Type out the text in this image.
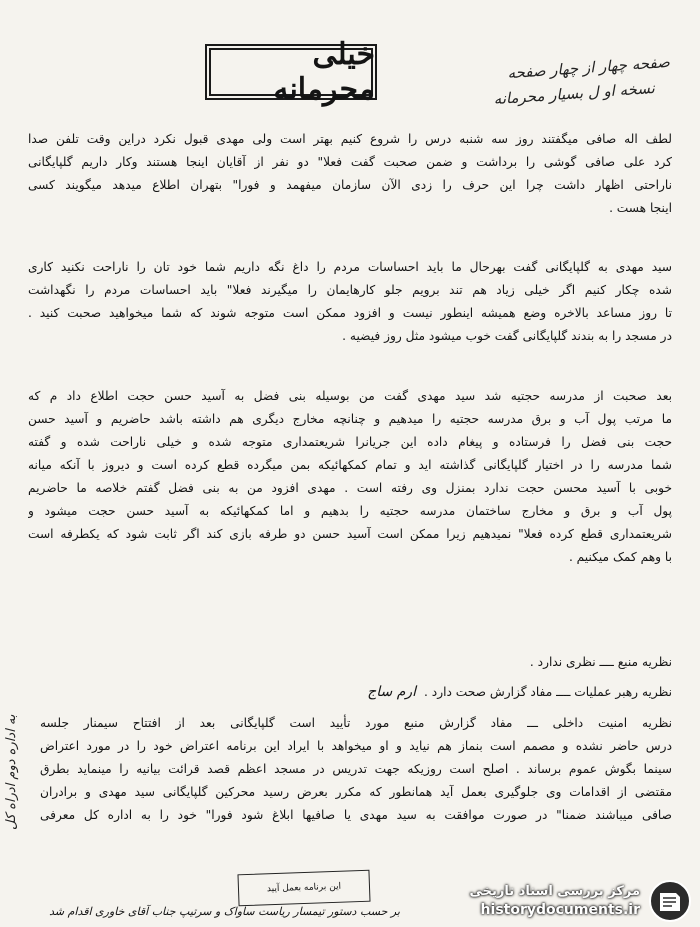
خیلی محرمانه
صفحه چهار از چهار صفحه
نسخه او ل بسیار محرمانه
لطف اله صافی میگفتند روز سه شنبه درس را شروع کنیم بهتر است ولی مهدی قبول نکرد دراین وقت تلفن صدا
کرد علی صافی گوشی را برداشت و ضمن صحبت گفت فعلا" دو نفر از آقایان اینجا هستند وکار داریم گلپایگانی
ناراحتی اظهار داشت چرا این حرف را زدی الآن سازمان میفهمد و فورا" بتهران اطلاع میدهد میگویند کسی
اینجا هست .
سید مهدی به گلپایگانی گفت بهرحال ما باید احساسات مردم را داغ نگه داریم شما خود تان را ناراحت نکنید کاری
شده چکار کنیم اگر خیلی زیاد هم تند برویم جلو کارهایمان را میگیرند فعلا" باید احساسات مردم را نگهداشت
تا روز مساعد بالاخره وضع همیشه اینطور نیست و افزود ممکن است متوجه شوند که شما میخواهید صحبت کنید .
در مسجد را به بندند گلپایگانی گفت خوب میشود مثل روز فیضیه .
بعد صحبت از مدرسه حجتیه شد سید مهدی گفت من بوسیله بنی فضل به آسید حسن حجت اطلاع داد م که
ما مرتب پول آب و برق مدرسه حجتیه را میدهیم و چنانچه مخارج دیگری هم داشته باشد حاضریم و آسید حسن
حجت بنی فضل را فرستاده و پیغام داده این جریانرا شریعتمداری متوجه شده و خیلی ناراحت شده و گفته
شما مدرسه را در اختیار گلپایگانی گذاشته اید و تمام کمکهائیکه بمن میگرده قطع کرده است و دیروز با آنکه میانه
خوبی با آسید محسن حجت ندارد بمنزل وی رفته است . مهدی افزود من به بنی فضل گفتم خلاصه ما حاضریم
پول آب و برق و مخارج ساختمان مدرسه حجتیه را بدهیم و اما کمکهائیکه به آسید حسن حجت میشود و
شریعتمداری قطع کرده فعلا" نمیدهیم زیرا ممکن است آسید حسن دو طرفه بازی کند اگر ثابت شود که یکطرفه است
با وهم کمک میکنیم .
نظریه منبع ــــ نظری ندارد .
نظریه رهبر عملیات ــــ مفاد گزارش صحت دارد .
ارم ساج
نظریه امنیت داخلی ـــ مفاد گزارش منبع مورد تأیید است گلپایگانی بعد از افتتاح سیمنار جلسه
درس حاضر نشده و مصمم است بنماز هم نیاید و او میخواهد با ایراد این برنامه اعتراض خود را در مورد اعتراض
سینما بگوش عموم برساند . اصلح است روزیکه جهت تدریس در مسجد اعظم قصد قرائت بیانیه را مینماید بطرق
مقتضی از اقدامات وی جلوگیری بعمل آید همانطور که مکرر بعرض رسید محرکین گلپایگانی سید مهدی و برادران
صافی میباشند ضمنا" در صورت موافقت به سید مهدی یا صافیها ابلاغ شود فورا" خود را به اداره کل معرفی
به اداره دوم ادراه کل
این برنامه بعمل آیید
بر حسب دستور تیمسار ریاست ساواک و سرتیپ جناب آقای خاوری اقدام شد
مرکز بررسی اسناد تاریخی
historydocuments.ir
